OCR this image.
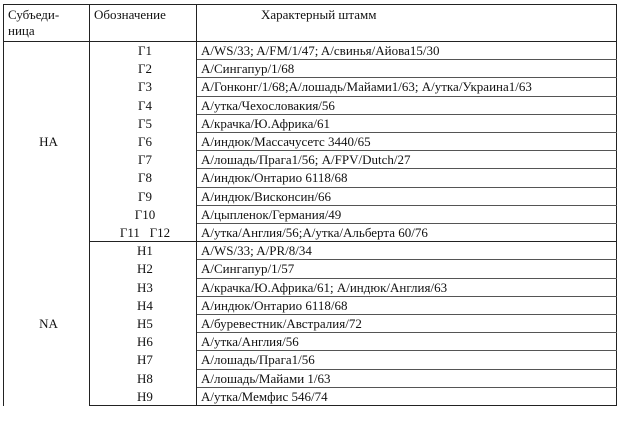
Субъеди-
ница	Обозначение	Характерный штамм
HA	Г1	A/WS/33; A/FM/1/47; A/свинья/Айова15/30
	Г2	А/Сингапур/1/68
	Г3	А/Гонконг/1/68;А/лошадь/Майами1/63; А/утка/Украина1/63
	Г4	А/утка/Чехословакия/56
	Г5	А/крачка/Ю.Африка/61
	Г6	А/индюк/Массачусетс 3440/65
	Г7	А/лошадь/Прага1/56; A/FPV/Dutch/27
	Г8	А/индюк/Онтарио 6118/68
	Г9	А/индюк/Висконсин/66
	Г10	А/цыпленок/Германия/49
	Г11   Г12	А/утка/Англия/56;А/утка/Альберта 60/76
NA	H1	A/WS/33; A/PR/8/34
	H2	А/Сингапур/1/57
	H3	А/крачка/Ю.Африка/61; А/индюк/Англия/63
	H4	А/индюк/Онтарио 6118/68
	H5	А/буревестник/Австралия/72
	H6	А/утка/Англия/56
	H7	А/лошадь/Прага1/56
	H8	А/лошадь/Майами 1/63
	H9	А/утка/Мемфис 546/74
